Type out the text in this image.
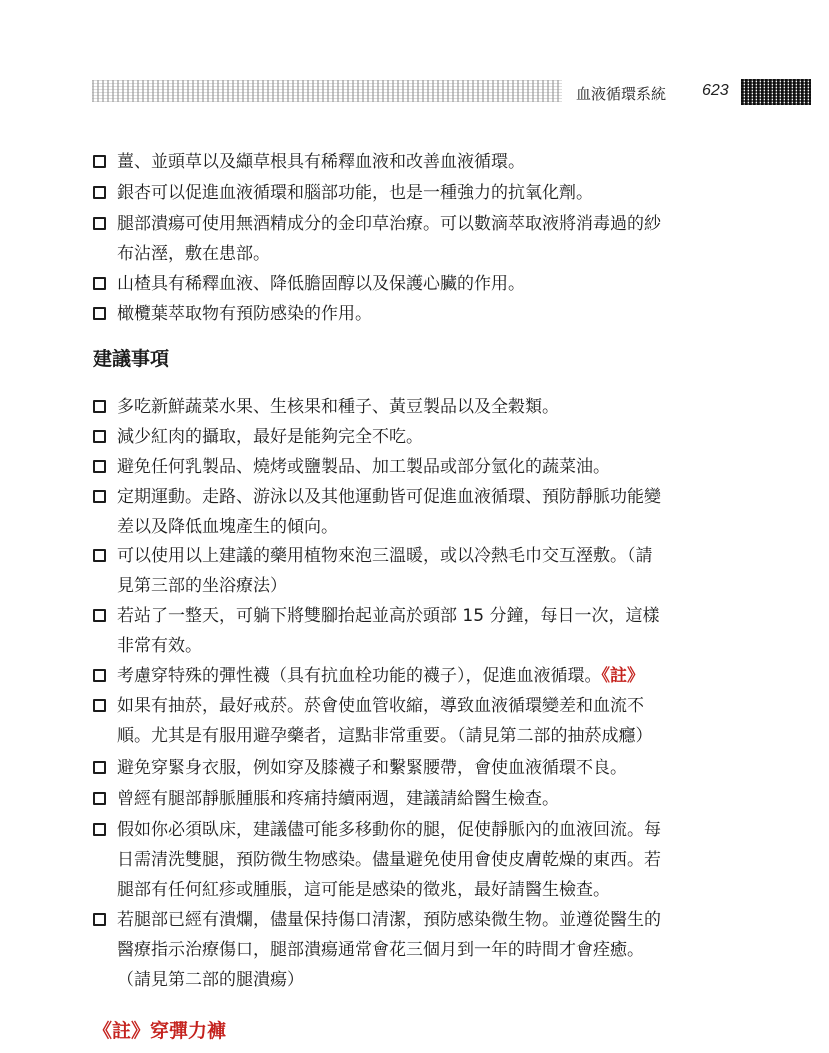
血液循環系統 623
薑、並頭草以及纈草根具有稀釋血液和改善血液循環。
銀杏可以促進血液循環和腦部功能，也是一種強力的抗氧化劑。
腿部潰瘍可使用無酒精成分的金印草治療。可以數滴萃取液將消毒過的紗
布沾溼，敷在患部。
山楂具有稀釋血液、降低膽固醇以及保護心臟的作用。
橄欖葉萃取物有預防感染的作用。
建議事項
多吃新鮮蔬菜水果、生核果和種子、黃豆製品以及全穀類。
減少紅肉的攝取，最好是能夠完全不吃。
避免任何乳製品、燒烤或鹽製品、加工製品或部分氫化的蔬菜油。
定期運動。走路、游泳以及其他運動皆可促進血液循環、預防靜脈功能變
差以及降低血塊產生的傾向。
可以使用以上建議的藥用植物來泡三溫暖，或以冷熱毛巾交互溼敷。（請
見第三部的坐浴療法）
若站了一整天，可躺下將雙腳抬起並高於頭部 15 分鐘，每日一次，這樣
非常有效。
考慮穿特殊的彈性襪（具有抗血栓功能的襪子），促進血液循環。《註》
如果有抽菸，最好戒菸。菸會使血管收縮，導致血液循環變差和血流不
順。尤其是有服用避孕藥者，這點非常重要。（請見第二部的抽菸成癮）
避免穿緊身衣服，例如穿及膝襪子和繫緊腰帶，會使血液循環不良。
曾經有腿部靜脈腫脹和疼痛持續兩週，建議請給醫生檢查。
假如你必須臥床，建議儘可能多移動你的腿，促使靜脈內的血液回流。每
日需清洗雙腿，預防微生物感染。儘量避免使用會使皮膚乾燥的東西。若
腿部有任何紅疹或腫脹，這可能是感染的徵兆，最好請醫生檢查。
若腿部已經有潰爛，儘量保持傷口清潔，預防感染微生物。並遵從醫生的
醫療指示治療傷口，腿部潰瘍通常會花三個月到一年的時間才會痊癒。
（請見第二部的腿潰瘍）
《註》穿彈力褲
